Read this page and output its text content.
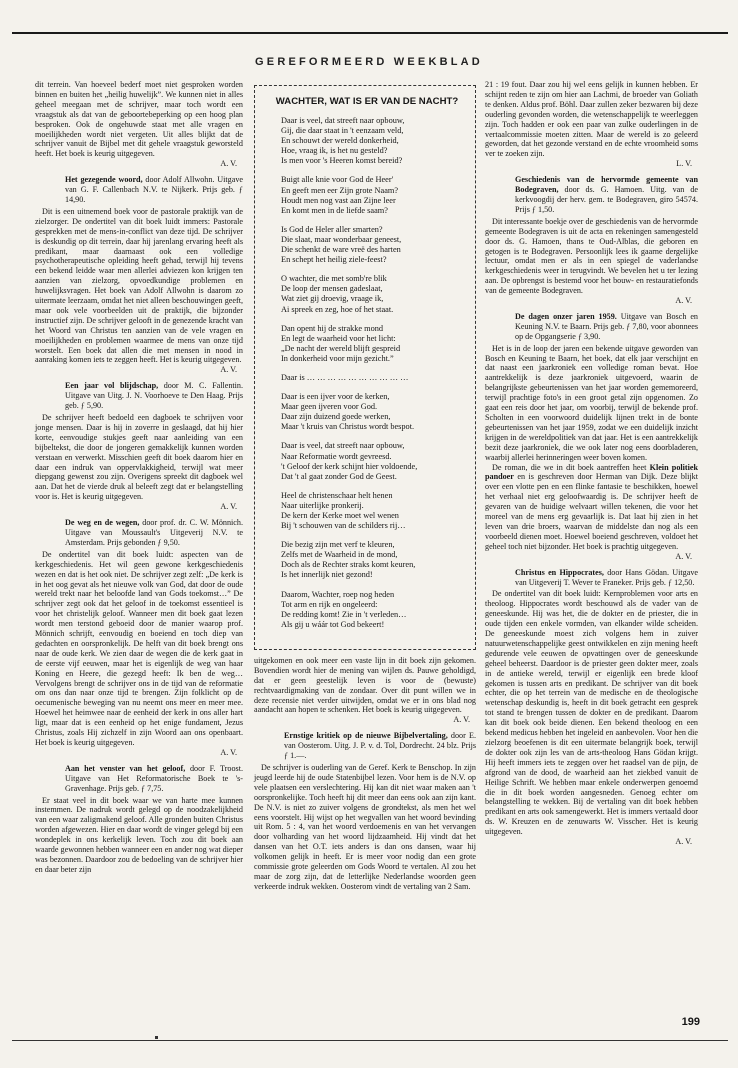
GEREFORMEERD WEEKBLAD

dit terrein. Van hoeveel bederf moet niet gesproken worden binnen en buiten het „heilig huwelijk”. We kunnen niet in alles geheel meegaan met de schrijver, maar toch wordt een vraagstuk als dat van de geboortebeperking op een hoog plan besproken. Ook de ongehuwde staat met alle vragen en moeilijkheden wordt niet vergeten. Uit alles blijkt dat de schrijver vanuit de Bijbel met dit gehele vraagstuk geworsteld heeft. Het boek is keurig uitgegeven.

A. V.

Het gezegende woord, door Adolf Allwohn. Uitgave van G. F. Callenbach N.V. te Nijkerk. Prijs geb. ƒ 14,90.

Dit is een uitnemend boek voor de pastorale praktijk van de zielzorger. De ondertitel van dit boek luidt immers: Pastorale gesprekken met de mens-in-conflict van deze tijd. De schrijver is deskundig op dit terrein, daar hij jarenlang ervaring heeft als predikant, maar daarnaast ook een volledige psychotherapeutische opleiding heeft gehad, terwijl hij tevens een bekend leidde waar men allerlei adviezen kon krijgen ten aanzien van zielzorg, opvoedkundige problemen en huwelijksvragen. Het boek van Adolf Allwohn is daarom zo uitermate leerzaam, omdat het niet alleen beschouwingen geeft, maar ook vele voorbeelden uit de praktijk, die bijzonder instructief zijn. De schrijver gelooft in de genezende kracht van het Woord van Christus ten aanzien van de vele vragen en moeilijkheden en problemen waarmee de mens van onze tijd worstelt. Een boek dat allen die met mensen in nood in aanraking komen iets te zeggen heeft. Het is keurig uitgegeven.

A. V.

Een jaar vol blijdschap, door M. C. Fallentin. Uitgave van Uitg. J. N. Voorhoeve te Den Haag. Prijs geb. ƒ 5,90.

De schrijver heeft bedoeld een dagboek te schrijven voor jonge mensen. Daar is hij in zoverre in geslaagd, dat hij hier korte, eenvoudige stukjes geeft naar aanleiding van een bijbeltekst, die door de jongeren gemakkelijk kunnen worden verstaan en verwerkt. Misschien geeft dit boek daarom hier en daar een indruk van oppervlakkigheid, terwijl wat meer diepgang gewenst zou zijn. Overigens spreekt dit dagboek wel aan. Dat het de vierde druk al beleeft zegt dat er belangstelling voor is. Het is keurig uitgegeven.

A. V.

De weg en de wegen, door prof. dr. C. W. Mönnich. Uitgave van Moussault's Uitgeverij N.V. te Amsterdam. Prijs gebonden ƒ 9,50.

De ondertitel van dit boek luidt: aspecten van de kerkgeschiedenis. Het wil geen gewone kerkgeschiedenis wezen en dat is het ook niet. De schrijver zegt zelf: „De kerk is in het oog gevat als het nieuwe volk van God, dat door de oude wereld trekt naar het beloofde land van Gods toekomst…” De schrijver zegt ook dat het geloof in de toekomst essentieel is voor het christelijk geloof. Wanneer men dit boek gaat lezen wordt men terstond geboeid door de manier waarop prof. Mönnich schrijft, eenvoudig en boeiend en toch diep van gedachten en oorspronkelijk. De helft van dit boek brengt ons naar de oude kerk. We zien daar de wegen die de kerk gaat in de eerste vijf eeuwen, maar het is eigenlijk de weg van haar Koning en Heere, die gezegd heeft: Ik ben de weg… Vervolgens brengt de schrijver ons in de tijd van de reformatie om ons dan naar onze tijd te brengen. Zijn folklicht op de oecumenische beweging van nu neemt ons meer en meer mee. Hoewel het heimwee naar de eenheid der kerk in ons aller hart ligt, maar dat is een eenheid op het enige fundament, Jezus Christus, zoals Hij zichzelf in zijn Woord aan ons openbaart. Het boek is keurig uitgegeven.

A. V.

Aan het venster van het geloof, door F. Troost. Uitgave van Het Reformatorische Boek te 's-Gravenhage. Prijs geb. ƒ 7,75.

Er staat veel in dit boek waar we van harte mee kunnen instemmen. De nadruk wordt gelegd op de noodzakelijkheid van een waar zaligmakend geloof. Alle gronden buiten Christus worden afgewezen. Hier en daar wordt de vinger gelegd bij een wondeplek in ons kerkelijk leven. Toch zou dit boek aan waarde gewonnen hebben wanneer een en ander nog wat dieper was bezonnen. Daardoor zou de bedoeling van de schrijver hier en daar beter zijn

WACHTER, WAT IS ER VAN DE NACHT?
Daar is veel, dat streeft naar opbouw,
Gij, die daar staat in 't eenzaam veld,
En schouwt der wereld donkerheid,
Hoe, vraag ik, is het nu gesteld?
Is men voor 's Heeren komst bereid?
Buigt alle knie voor God de Heer'
En geeft men eer Zijn grote Naam?
Houdt men nog vast aan Zijne leer
En komt men in de liefde saam?
Is God de Heler aller smarten?
Die slaat, maar wonderbaar geneest,
Die schenkt de ware vreë des harten
En schept het heilig ziele-feest?
O wachter, die met somb're blik
De loop der mensen gadeslaat,
Wat ziet gij droevig, vraage ik,
Ai spreek en zeg, hoe of het staat.
Dan opent hij de strakke mond
En legt de waarheid voor het licht:
„De nacht der wereld blijft gespreid
In donkerheid voor mijn gezicht.”
Daar is … … … … … … … … … …
Daar is een ijver voor de kerken,
Maar geen ijveren voor God.
Daar zijn duizend goede werken,
Maar 't kruis van Christus wordt bespot.
Daar is veel, dat streeft naar opbouw,
Naar Reformatie wordt gevreesd.
't Geloof der kerk schijnt hier voldoende,
Dat 't al gaat zonder God de Geest.
Heel de christenschaar helt henen
Naar uiterlijke pronkerij.
De kern der Kerke moet wel wenen
Bij 't schouwen van de schilders rij…
Die bezig zijn met verf te kleuren,
Zelfs met de Waarheid in de mond,
Doch als de Rechter straks komt keuren,
Is het innerlijk niet gezond!
Daarom, Wachter, roep nog heden
Tot arm en rijk en ongeleerd:
De redding komt! Zie in 't verleden…
Als gij u wáár tot God bekeert!

uitgekomen en ook meer een vaste lijn in dit boek zijn gekomen. Bovendien wordt hier de mening van wijlen ds. Pauwe geholdigd, dat er geen geestelijk leven is voor de (bewuste) rechtvaardigmaking van de zondaar. Over dit punt willen we in deze recensie niet verder uitwijden, omdat we er in ons blad nog aandacht aan hopen te schenken. Het boek is keurig uitgegeven.

A. V.

Ernstige kritiek op de nieuwe Bijbelvertaling, door E. van Oosterom. Uitg. J. P. v. d. Tol, Dordrecht. 24 blz. Prijs ƒ 1.—.

De schrijver is ouderling van de Geref. Kerk te Benschop. In zijn jeugd leerde hij de oude Statenbijbel lezen. Voor hem is de N.V. op vele plaatsen een verslechtering. Hij kan dit niet waar maken aan 't oorspronkelijke. Toch heeft hij dit meer dan eens ook aan zijn kant. De N.V. is niet zo zuiver volgens de grondtekst, als men het wel eens voorstelt. Hij wijst op het wegvallen van het woord bevinding uit Rom. 5 : 4, van het woord verdoemenis en van het vervangen door volharding van het woord lijdzaamheid. Hij vindt dat het dansen van het O.T. iets anders is dan ons dansen, waar hij volkomen gelijk in heeft. Er is meer voor nodig dan een grote commissie grote geleerden om Gods Woord te vertalen. Al zou het maar de zorg zijn, dat de letterlijke Nederlandse woorden geen verkeerde indruk wekken. Oosterom vindt de vertaling van 2 Sam.

21 : 19 fout. Daar zou hij wel eens gelijk in kunnen hebben. Er schijnt reden te zijn om hier aan Lachmi, de broeder van Goliath te denken. Aldus prof. Böhl. Daar zullen zeker bezwaren bij deze ouderling gevonden worden, die wetenschappelijk te weerleggen zijn. Toch hadden er ook een paar van zulke ouderlingen in de vertaalcommissie moeten zitten. Maar de wereld is zo geleerd geworden, dat het gezonde verstand en de echte vroomheid soms ver te zoeken zijn.

L. V.

Geschiedenis van de hervormde gemeente van Bodegraven, door ds. G. Hamoen. Uitg. van de kerkvoogdij der herv. gem. te Bodegraven, giro 54574. Prijs ƒ 1,50.

Dit interessante boekje over de geschiedenis van de hervormde gemeente Bodegraven is uit de acta en rekeningen samengesteld door ds. G. Hamoen, thans te Oud-Alblas, die geboren en getogen is te Bodegraven. Persoonlijk lees ik gaarne dergelijke lectuur, omdat men er als in een spiegel de vaderlandse kerkgeschiedenis weer in terugvindt. We bevelen het u ter lezing aan. De opbrengst is bestemd voor het bouw- en restauratiefonds van de gemeente Bodegraven.

A. V.

De dagen onzer jaren 1959. Uitgave van Bosch en Keuning N.V. te Baarn. Prijs geb. ƒ 7,80, voor abonnees op de Opgangserie ƒ 3,90.

Het is in de loop der jaren een bekende uitgave geworden van Bosch en Keuning te Baarn, het boek, dat elk jaar verschijnt en dat naast een jaarkroniek een volledige roman bevat. Hoe aantrekkelijk is deze jaarkroniek uitgevoerd, waarin de belangrijkste gebeurtenissen van het jaar worden gememoreerd, terwijl prachtige foto's in een groot getal zijn opgenomen. Zo gaat een reis door het jaar, om voorbij, terwijl de bekende prof. Scholten in een voorwoord duidelijk lijnen trekt in de bonte gebeurtenissen van het jaar 1959, zodat we een duidelijk inzicht krijgen in de wereldpolitiek van dat jaar. Het is een aantrekkelijk bezit deze jaarkroniek, die we ook later nog eens doorbladeren, waarbij allerlei herinneringen weer boven komen.

De roman, die we in dit boek aantreffen heet Klein politiek pandoer en is geschreven door Herman van Dijk. Deze blijkt over een vlotte pen en een flinke fantasie te beschikken, hoewel het verhaal niet erg geloofwaardig is. De schrijver heeft de gevaren van de huidige welvaart willen tekenen, die voor het moreel van de mens erg gevaarlijk is. Dat laat hij zien in het leven van drie broers, waarvan de middelste dan nog als een voorbeeld dienen moet. Hoewel boeiend geschreven, voldoet het geheel toch niet bijzonder. Het boek is prachtig uitgegeven.

A. V.

Christus en Hippocrates, door Hans Gödan. Uitgave van Uitgeverij T. Wever te Franeker. Prijs geb. ƒ 12,50.

De ondertitel van dit boek luidt: Kernproblemen voor arts en theoloog. Hippocrates wordt beschouwd als de vader van de geneeskunde. Hij was het, die de dokter en de priester, die in oude tijden een enkele vormden, van elkander wilde scheiden. De geneeskunde moest zich volgens hem in zuiver natuurwetenschappelijke geest ontwikkelen en zijn mening heeft gedurende vele eeuwen de opvattingen over de geneeskunde geheel beheerst. Daardoor is de priester geen dokter meer, zoals in de antieke wereld, terwijl er eigenlijk een brede kloof gekomen is tussen arts en predikant. De schrijver van dit boek echter, die op het terrein van de medische en de theologische wetenschap deskundig is, heeft in dit boek getracht een gesprek tot stand te brengen tussen de dokter en de predikant. Daarom kan dit boek ook beide dienen. Een bekend theoloog en een bekend medicus hebben het ingeleid en aanbevolen. Voor hen die zielzorg beoefenen is dit een uitermate belangrijk boek, terwijl de dokter ook zijn les van de arts-theoloog Hans Gödan krijgt. Hij heeft immers iets te zeggen over het raadsel van de pijn, de afgrond van de dood, de waarheid aan het ziekbed vanuit de Heilige Schrift. We hebben maar enkele onderwerpen genoemd die in dit boek worden aangesneden. Genoeg echter om belangstelling te wekken. Bij de vertaling van dit boek hebben predikant en arts ook samengewerkt. Het is immers vertaald door ds. W. Kreuzen en de zenuwarts W. Visscher. Het is keurig uitgegeven.

A. V.

199
